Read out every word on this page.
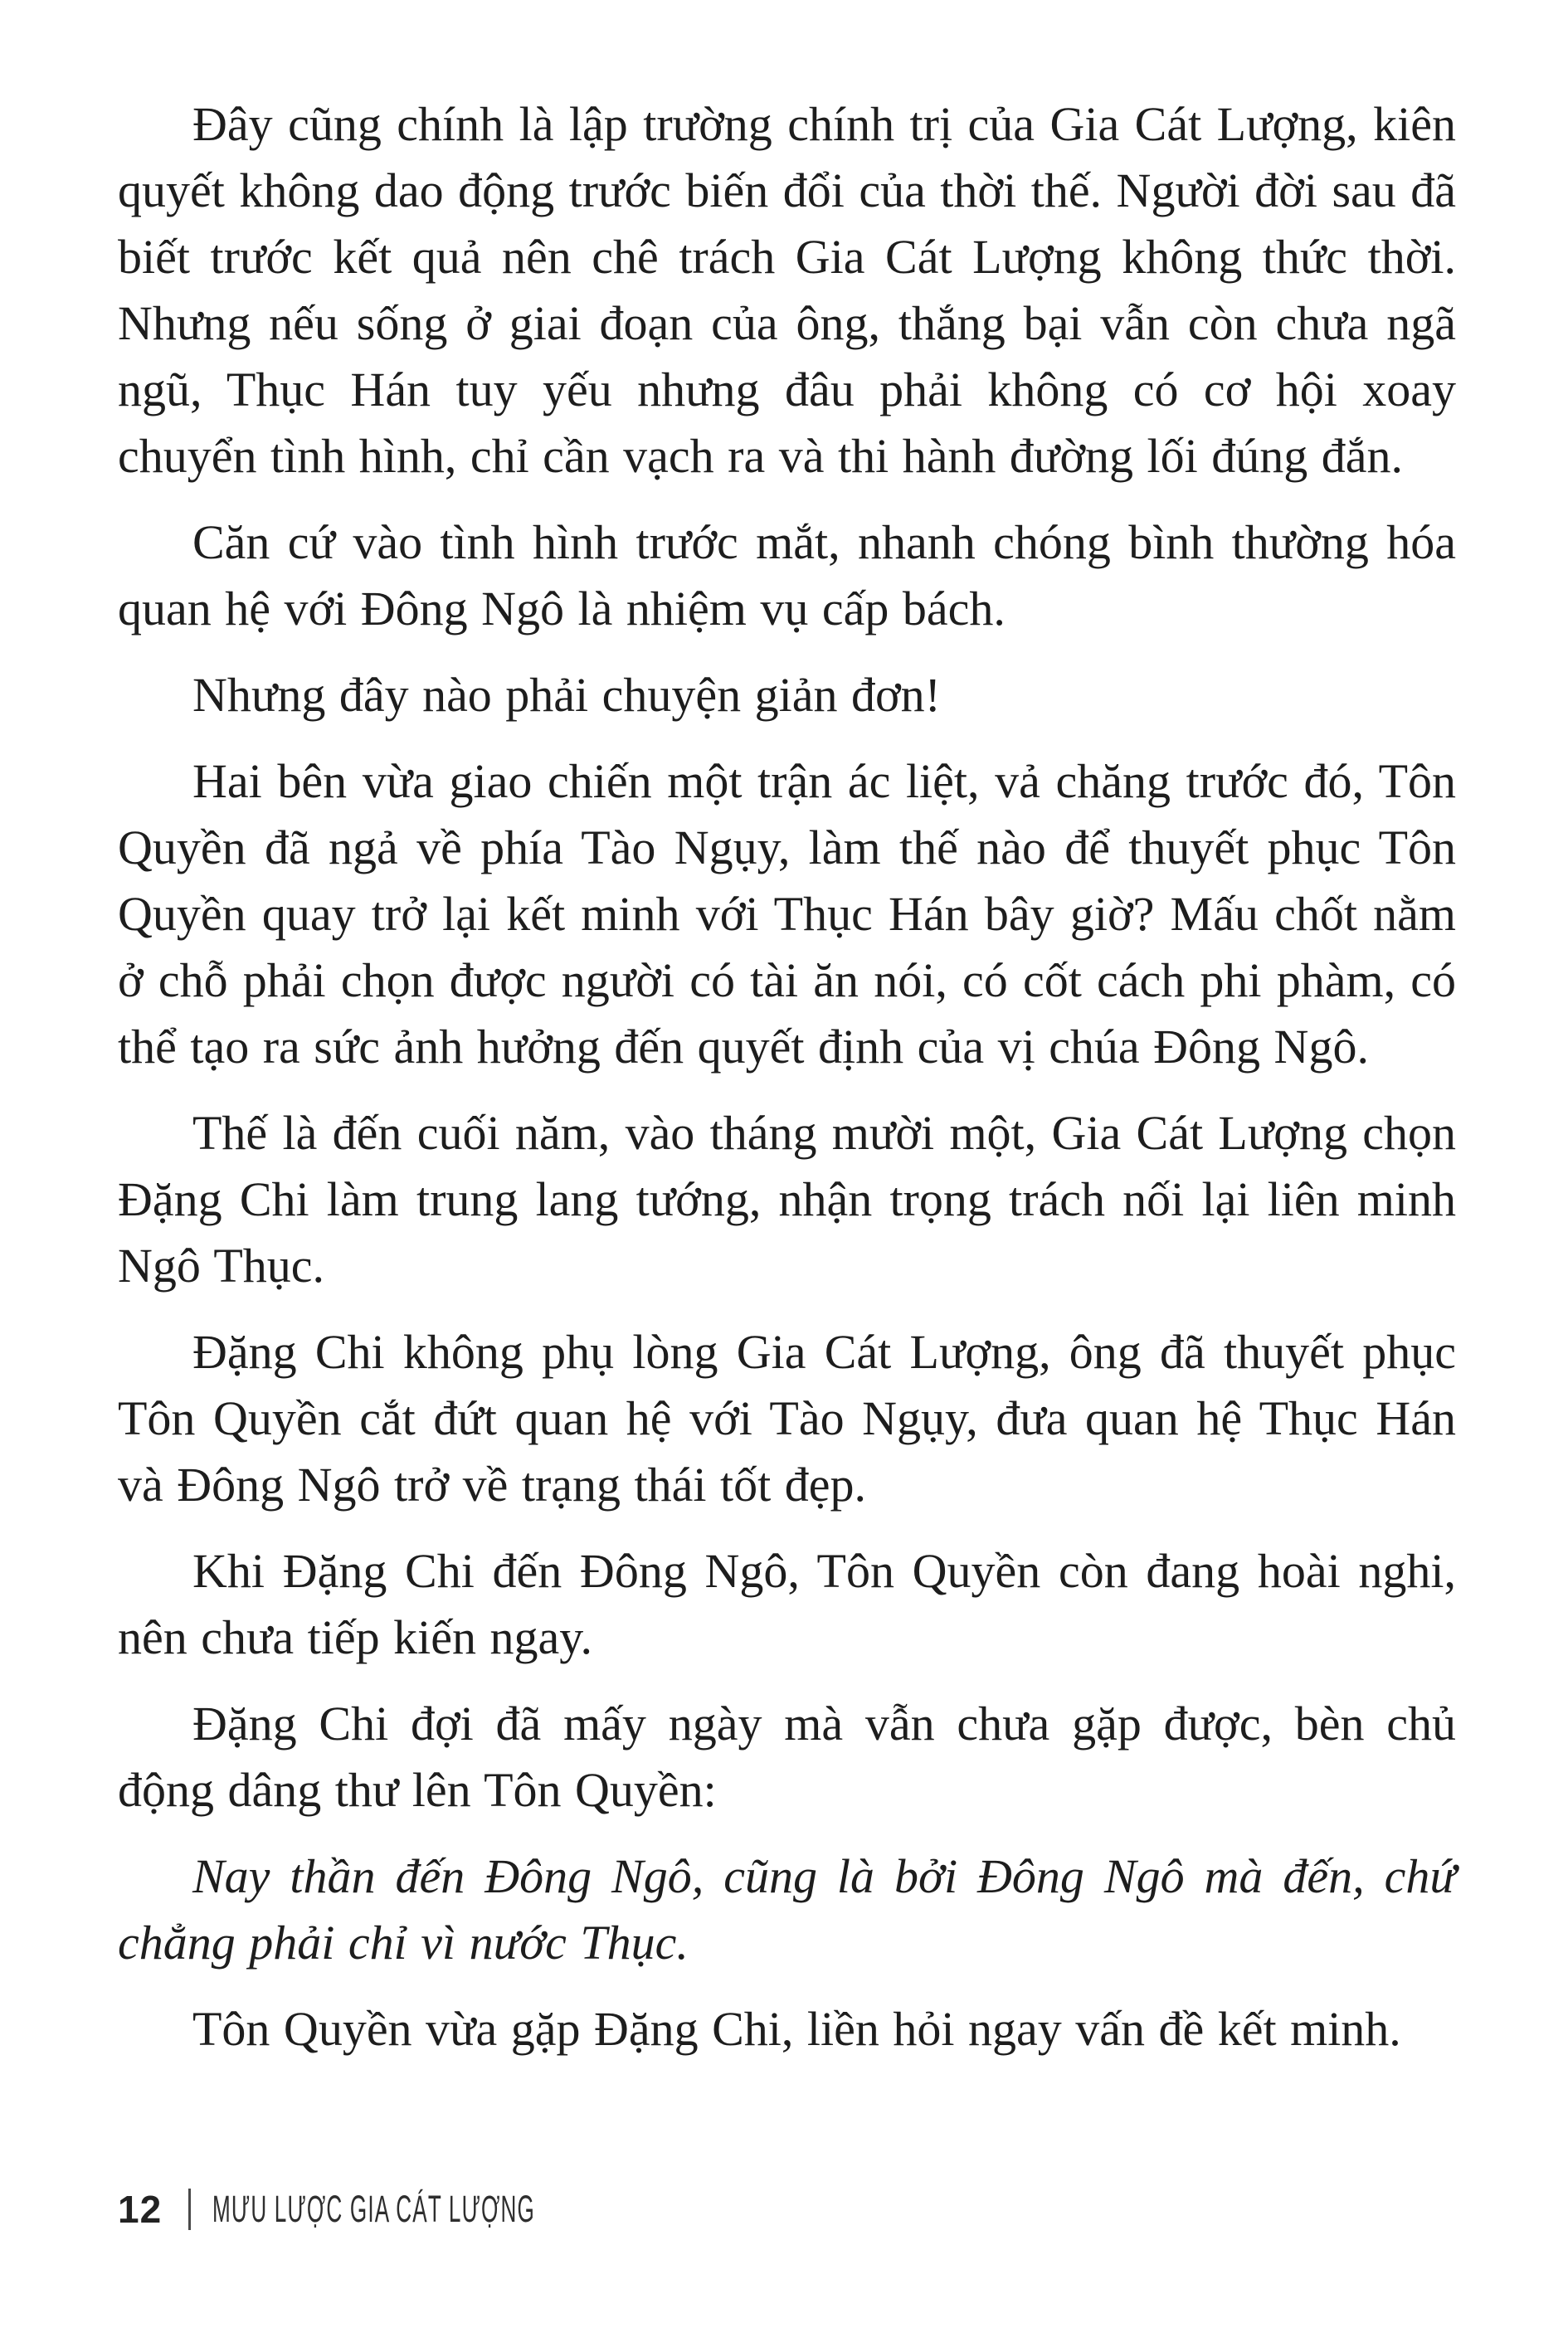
Đây cũng chính là lập trường chính trị của Gia Cát Lượng, kiên quyết không dao động trước biến đổi của thời thế. Người đời sau đã biết trước kết quả nên chê trách Gia Cát Lượng không thức thời. Nhưng nếu sống ở giai đoạn của ông, thắng bại vẫn còn chưa ngã ngũ, Thục Hán tuy yếu nhưng đâu phải không có cơ hội xoay chuyển tình hình, chỉ cần vạch ra và thi hành đường lối đúng đắn.

Căn cứ vào tình hình trước mắt, nhanh chóng bình thường hóa quan hệ với Đông Ngô là nhiệm vụ cấp bách.

Nhưng đây nào phải chuyện giản đơn!

Hai bên vừa giao chiến một trận ác liệt, vả chăng trước đó, Tôn Quyền đã ngả về phía Tào Ngụy, làm thế nào để thuyết phục Tôn Quyền quay trở lại kết minh với Thục Hán bây giờ? Mấu chốt nằm ở chỗ phải chọn được người có tài ăn nói, có cốt cách phi phàm, có thể tạo ra sức ảnh hưởng đến quyết định của vị chúa Đông Ngô.

Thế là đến cuối năm, vào tháng mười một, Gia Cát Lượng chọn Đặng Chi làm trung lang tướng, nhận trọng trách nối lại liên minh Ngô Thục.

Đặng Chi không phụ lòng Gia Cát Lượng, ông đã thuyết phục Tôn Quyền cắt đứt quan hệ với Tào Ngụy, đưa quan hệ Thục Hán và Đông Ngô trở về trạng thái tốt đẹp.

Khi Đặng Chi đến Đông Ngô, Tôn Quyền còn đang hoài nghi, nên chưa tiếp kiến ngay.

Đặng Chi đợi đã mấy ngày mà vẫn chưa gặp được, bèn chủ động dâng thư lên Tôn Quyền:

Nay thần đến Đông Ngô, cũng là bởi Đông Ngô mà đến, chứ chẳng phải chỉ vì nước Thục.

Tôn Quyền vừa gặp Đặng Chi, liền hỏi ngay vấn đề kết minh.

12 MƯU LƯỢC GIA CÁT LƯỢNG
